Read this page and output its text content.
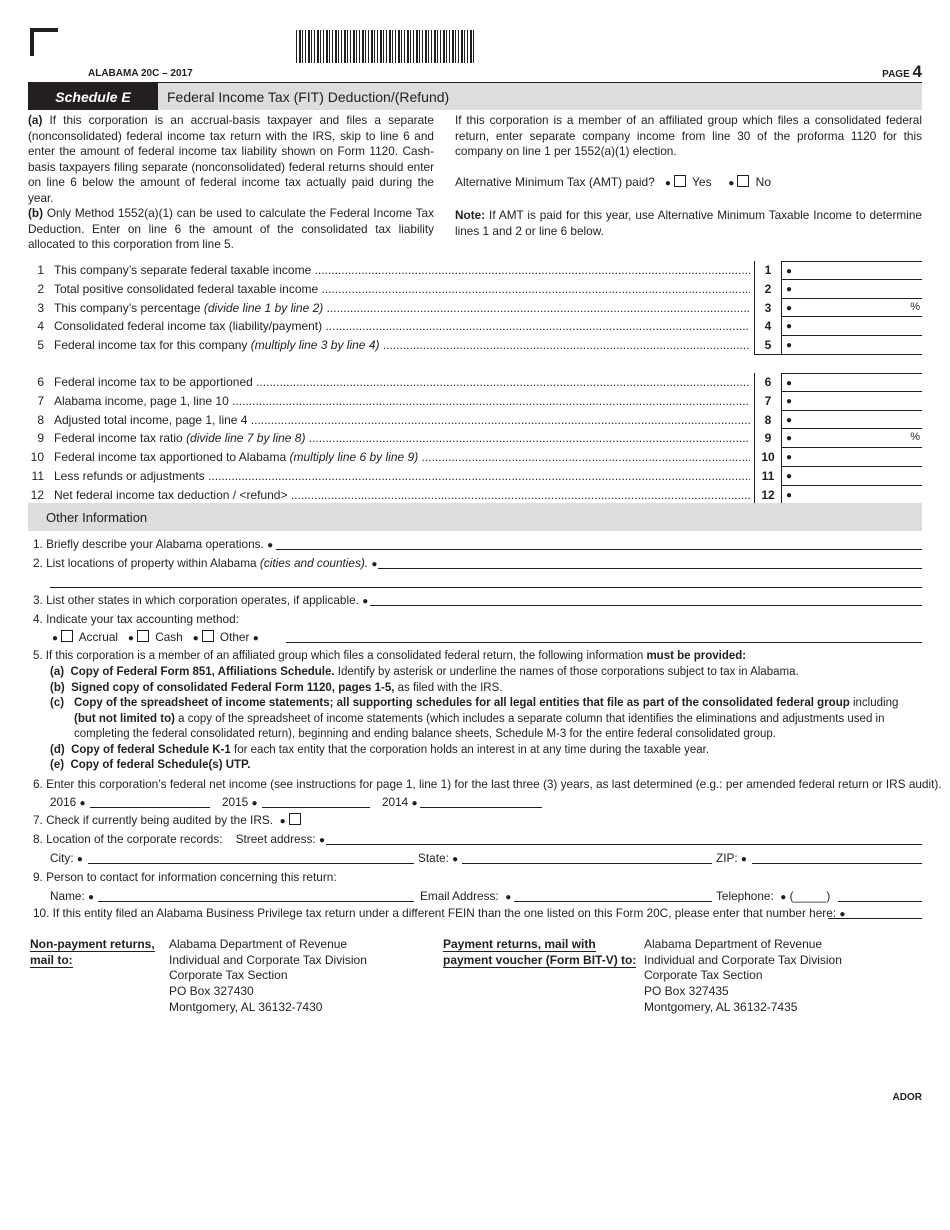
ALABAMA 20C – 2017	PAGE 4
Schedule E	Federal Income Tax (FIT) Deduction/(Refund)
(a) If this corporation is an accrual-basis taxpayer and files a separate (nonconsolidated) federal income tax return with the IRS, skip to line 6 and enter the amount of federal income tax liability shown on Form 1120. Cash-basis taxpayers filing separate (nonconsolidated) federal returns should enter on line 6 below the amount of federal income tax actually paid during the year.
(b) Only Method 1552(a)(1) can be used to calculate the Federal Income Tax Deduction. Enter on line 6 the amount of the consolidated tax liability allocated to this corporation from line 5.
If this corporation is a member of an affiliated group which files a consolidated federal return, enter separate company income from line 30 of the proforma 1120 for this company on line 1 per 1552(a)(1) election.
Alternative Minimum Tax (AMT) paid? ● Yes ● No
Note: If AMT is paid for this year, use Alternative Minimum Taxable Income to determine lines 1 and 2 or line 6 below.
1 This company’s separate federal taxable income .....	1	●
2 Total positive consolidated federal taxable income .....	2	●
3 This company’s percentage (divide line 1 by line 2) .....	3	●	%
4 Consolidated federal income tax (liability/payment) .....	4	●
5 Federal income tax for this company (multiply line 3 by line 4) .....	5	●
6 Federal income tax to be apportioned .....	6	●
7 Alabama income, page 1, line 10 .....	7	●
8 Adjusted total income, page 1, line 4 .....	8	●
9 Federal income tax ratio (divide line 7 by line 8) .....	9	●	%
10 Federal income tax apportioned to Alabama (multiply line 6 by line 9) .....	10	●
11 Less refunds or adjustments .....	11	●
12 Net federal income tax deduction / <refund> .....	12	●
Other Information
1. Briefly describe your Alabama operations. ●
2. List locations of property within Alabama (cities and counties). ●
3. List other states in which corporation operates, if applicable. ●
4. Indicate your tax accounting method:
● Accrual ● Cash ● Other ●
5. If this corporation is a member of an affiliated group which files a consolidated federal return, the following information must be provided:
(a) Copy of Federal Form 851, Affiliations Schedule. Identify by asterisk or underline the names of those corporations subject to tax in Alabama.
(b) Signed copy of consolidated Federal Form 1120, pages 1-5, as filed with the IRS.
(c) Copy of the spreadsheet of income statements; all supporting schedules for all legal entities that file as part of the consolidated federal group including (but not limited to) a copy of the spreadsheet of income statements (which includes a separate column that identifies the eliminations and adjustments used in completing the federal consolidated return), beginning and ending balance sheets, Schedule M-3 for the entire federal consolidated group.
(d) Copy of federal Schedule K-1 for each tax entity that the corporation holds an interest in at any time during the taxable year.
(e) Copy of federal Schedule(s) UTP.
6. Enter this corporation’s federal net income (see instructions for page 1, line 1) for the last three (3) years, as last determined (e.g.: per amended federal return or IRS audit).
2016 ●	2015 ●	2014 ●
7. Check if currently being audited by the IRS. ●
8. Location of the corporate records: Street address: ●
City: ●	State: ●	ZIP: ●
9. Person to contact for information concerning this return:
Name: ●	Email Address: ●	Telephone: ● (_____)
10. If this entity filed an Alabama Business Privilege tax return under a different FEIN than the one listed on this Form 20C, please enter that number here: ●
Non-payment returns,
mail to:
Alabama Department of Revenue
Individual and Corporate Tax Division
Corporate Tax Section
PO Box 327430
Montgomery, AL 36132-7430
Payment returns, mail with
payment voucher (Form BIT-V) to:
Alabama Department of Revenue
Individual and Corporate Tax Division
Corporate Tax Section
PO Box 327435
Montgomery, AL 36132-7435
ADOR
